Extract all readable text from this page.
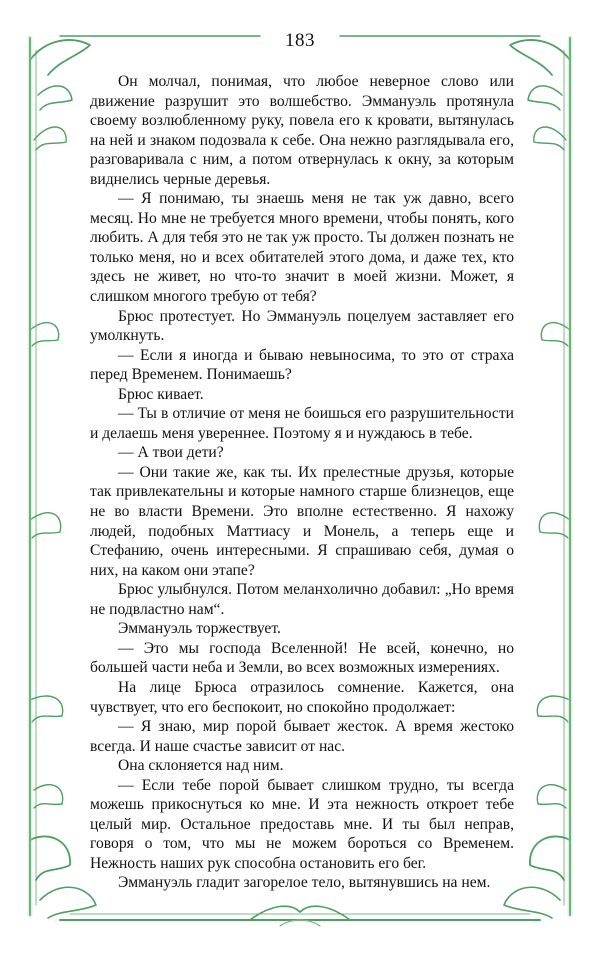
183

Он молчал, понимая, что любое неверное слово или движение разрушит это волшебство. Эммануэль протянула своему возлюбленному руку, повела его к кровати, вытянулась на ней и знаком подозвала к себе. Она нежно разглядывала его, разговаривала с ним, а потом отвернулась к окну, за которым виднелись черные деревья.

— Я понимаю, ты знаешь меня не так уж давно, всего месяц. Но мне не требуется много времени, чтобы понять, кого любить. А для тебя это не так уж просто. Ты должен познать не только меня, но и всех обитателей этого дома, и даже тех, кто здесь не живет, но что-то значит в моей жизни. Может, я слишком многого требую от тебя?

Брюс протестует. Но Эммануэль поцелуем заставляет его умолкнуть.

— Если я иногда и бываю невыносима, то это от страха перед Временем. Понимаешь?

Брюс кивает.

— Ты в отличие от меня не боишься его разрушительности и делаешь меня увереннее. Поэтому я и нуждаюсь в тебе.

— А твои дети?

— Они такие же, как ты. Их прелестные друзья, которые так привлекательны и которые намного старше близнецов, еще не во власти Времени. Это вполне естественно. Я нахожу людей, подобных Маттиасу и Монель, а теперь еще и Стефанию, очень интересными. Я спрашиваю себя, думая о них, на каком они этапе?

Брюс улыбнулся. Потом меланхолично добавил: „Но время не подвластно нам“.

Эммануэль торжествует.

— Это мы господа Вселенной! Не всей, конечно, но большей части неба и Земли, во всех возможных измерениях.

На лице Брюса отразилось сомнение. Кажется, она чувствует, что его беспокоит, но спокойно продолжает:

— Я знаю, мир порой бывает жесток. А время жестоко всегда. И наше счастье зависит от нас.

Она склоняется над ним.

— Если тебе порой бывает слишком трудно, ты всегда можешь прикоснуться ко мне. И эта нежность откроет тебе целый мир. Остальное предоставь мне. И ты был неправ, говоря о том, что мы не можем бороться со Временем. Нежность наших рук способна остановить его бег.

Эммануэль гладит загорелое тело, вытянувшись на нем.
